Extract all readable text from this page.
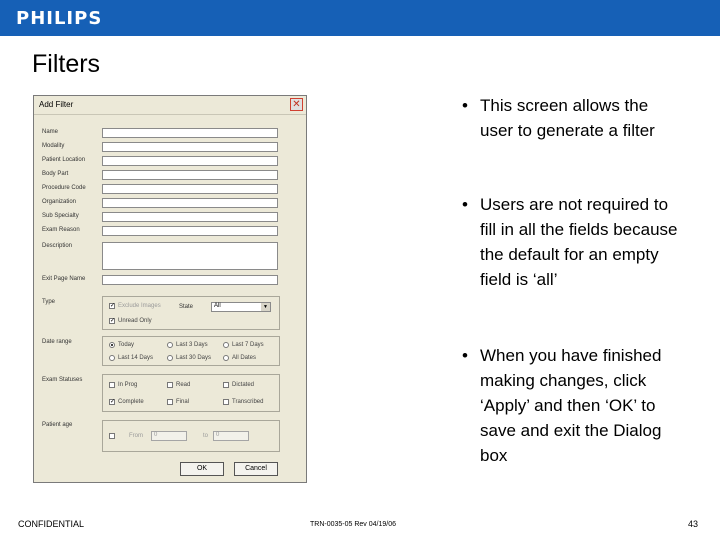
PHILIPS
Filters
Add Filter	✕
Name
Modality
Patient Location
Body Part
Procedure Code
Organization
Sub Specialty
Exam Reason
Description
Exit Page Name
Type
✓ Exclude Images
✓ Unread Only
State	All	▼
Date range	Today	Last 3 Days	Last 7 Days
Last 14 Days	Last 30 Days	All Dates
Exam Statuses
In Prog	Read	Dictated
✓ Complete	Final	Transcribed
Patient age
From	0	to	0
OK	Cancel
• This screen allows the user to generate a filter
• Users are not required to fill in all the fields because the default for an empty field is ‘all’
• When you have finished making changes, click ‘Apply’ and then ‘OK’ to save and exit the Dialog box
CONFIDENTIAL	TRN-0035-05 Rev 04/19/06	43
